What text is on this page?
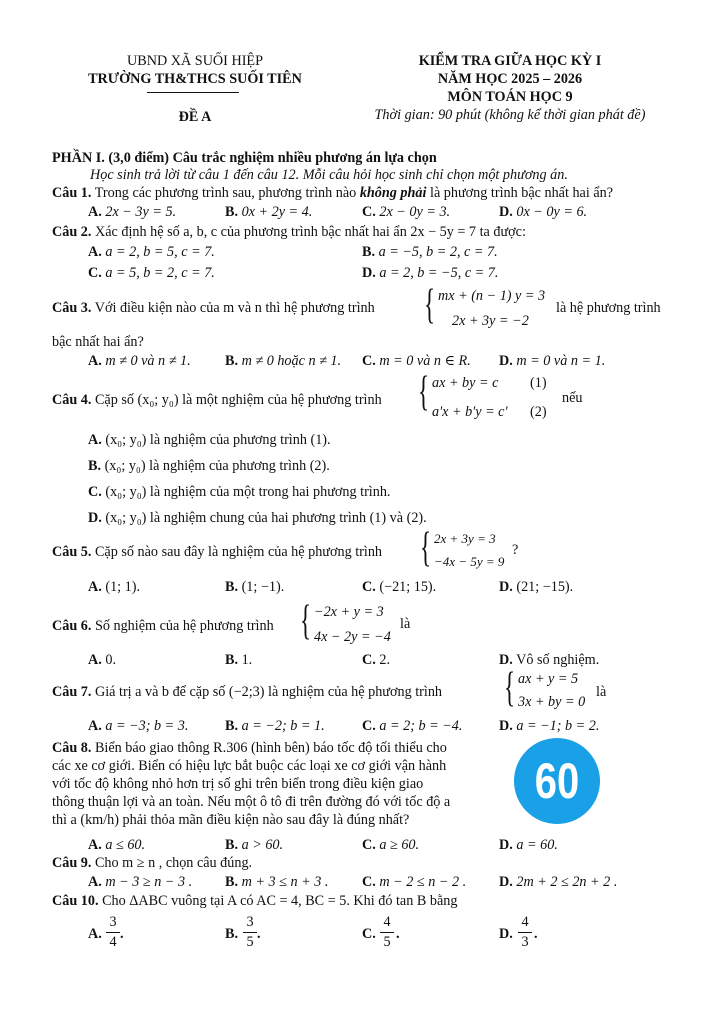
UBND XÃ SUỐI HIỆP
TRƯỜNG TH&THCS SUỐI TIÊN
ĐỀ A
KIỂM TRA GIỮA HỌC KỲ I
NĂM HỌC 2025 – 2026
MÔN TOÁN HỌC 9
Thời gian: 90 phút (không kể thời gian phát đề)
PHẦN I. (3,0 điểm) Câu trắc nghiệm nhiều phương án lựa chọn
Học sinh trả lời từ câu 1 đến câu 12. Mỗi câu hỏi học sinh chỉ chọn một phương án.
Câu 1. Trong các phương trình sau, phương trình nào không phải là phương trình bậc nhất hai ẩn?
A. 2x − 3y = 5.	B. 0x + 2y = 4.	C. 2x − 0y = 3.	D. 0x − 0y = 6.
Câu 2. Xác định hệ số a, b, c của phương trình bậc nhất hai ẩn 2x − 5y = 7 ta được:
A. a = 2, b = 5, c = 7.	B. a = −5, b = 2, c = 7.
C. a = 5, b = 2, c = 7.	D. a = 2, b = −5, c = 7.
Câu 3. Với điều kiện nào của m và n thì hệ phương trình { mx + (n − 1) y = 3
2x + 3y = −2
là hệ phương trình
bậc nhất hai ẩn?
A. m ≠ 0 và n ≠ 1. B. m ≠ 0 hoặc n ≠ 1. C. m = 0 và n ∈ R. D. m = 0 và n = 1.
Câu 4. Cặp số (x₀; y₀) là một nghiệm của hệ phương trình { ax + by = c (1)
a'x + b'y = c' (2)
nếu
A. (x₀; y₀) là nghiệm của phương trình (1).
B. (x₀; y₀) là nghiệm của phương trình (2).
C. (x₀; y₀) là nghiệm của một trong hai phương trình.
D. (x₀; y₀) là nghiệm chung của hai phương trình (1) và (2).
Câu 5. Cặp số nào sau đây là nghiệm của hệ phương trình { 2x + 3y = 3
−4x − 5y = 9
?
A. (1; 1).	B. (1; −1).	C. (−21; 15).	D. (21; −15).
Câu 6. Số nghiệm của hệ phương trình { −2x + y = 3
4x − 2y = −4
là
A. 0.	B. 1.	C. 2.	D. Vô số nghiệm.
Câu 7. Giá trị a và b để cặp số (−2;3) là nghiệm của hệ phương trình { ax + y = 5
3x + by = 0
là
A. a = −3; b = 3.	B. a = −2; b = 1.	C. a = 2; b = −4.	D. a = −1; b = 2.
Câu 8. Biển báo giao thông R.306 (hình bên) báo tốc độ tối thiểu cho
các xe cơ giới. Biển có hiệu lực bắt buộc các loại xe cơ giới vận hành
với tốc độ không nhỏ hơn trị số ghi trên biển trong điều kiện giao
thông thuận lợi và an toàn. Nếu một ô tô đi trên đường đó với tốc độ a
thì a (km/h) phải thỏa mãn điều kiện nào sau đây là đúng nhất?
60
A. a ≤ 60.	B. a > 60.	C. a ≥ 60.	D. a = 60.
Câu 9. Cho m ≥ n , chọn câu đúng.
A. m − 3 ≥ n − 3 . B. m + 3 ≤ n + 3 . C. m − 2 ≤ n − 2 . D. 2m + 2 ≤ 2n + 2 .
Câu 10. Cho ΔABC vuông tại A có AC = 4, BC = 5. Khi đó tan B bằng
A.
3
4 .	B.
3
5 .	C.
4
5 .	D.
4
3 .
